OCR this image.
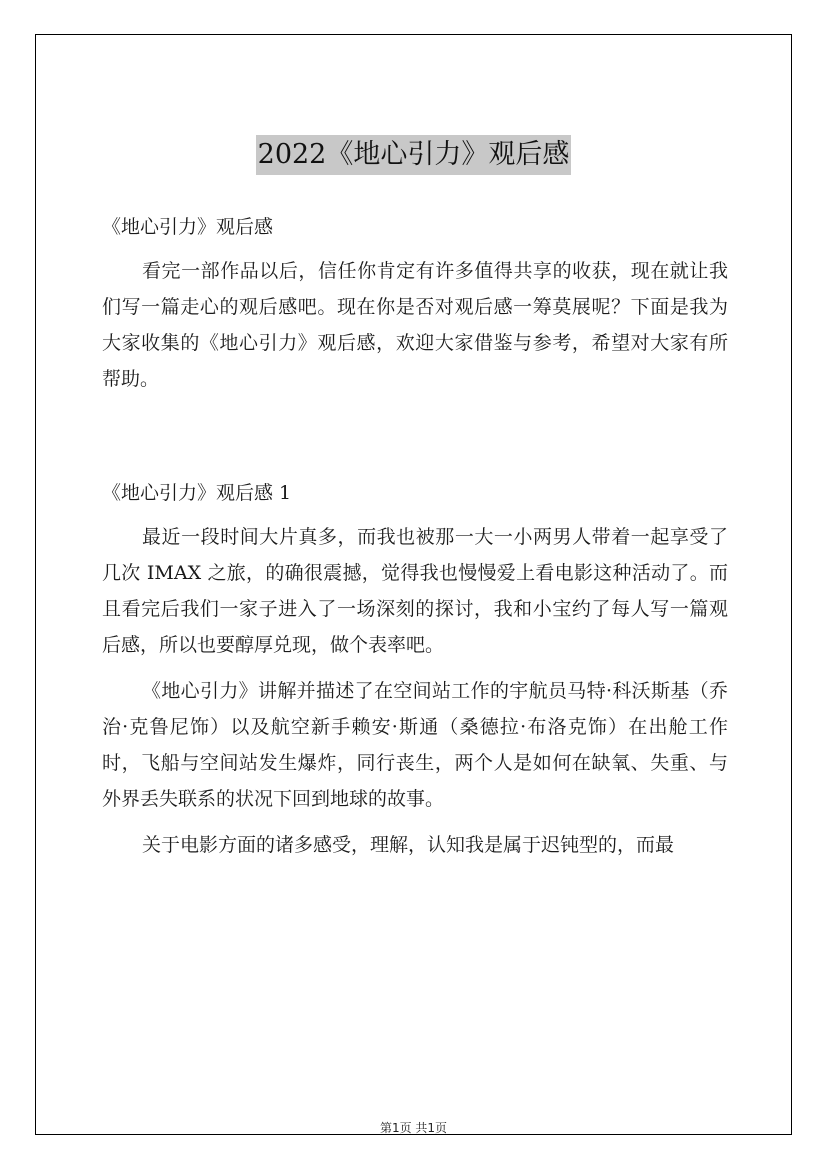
2022《地心引力》观后感
《地心引力》观后感
看完一部作品以后，信任你肯定有许多值得共享的收获，现在就让我们写一篇走心的观后感吧。现在你是否对观后感一筹莫展呢？下面是我为大家收集的《地心引力》观后感，欢迎大家借鉴与参考，希望对大家有所帮助。
《地心引力》观后感 1
最近一段时间大片真多，而我也被那一大一小两男人带着一起享受了几次 IMAX 之旅，的确很震撼，觉得我也慢慢爱上看电影这种活动了。而且看完后我们一家子进入了一场深刻的探讨，我和小宝约了每人写一篇观后感，所以也要醇厚兑现，做个表率吧。
《地心引力》讲解并描述了在空间站工作的宇航员马特·科沃斯基（乔治·克鲁尼饰）以及航空新手赖安·斯通（桑德拉·布洛克饰）在出舱工作时，飞船与空间站发生爆炸，同行丧生，两个人是如何在缺氧、失重、与外界丢失联系的状况下回到地球的故事。
关于电影方面的诸多感受，理解，认知我是属于迟钝型的，而最
第1页 共1页
